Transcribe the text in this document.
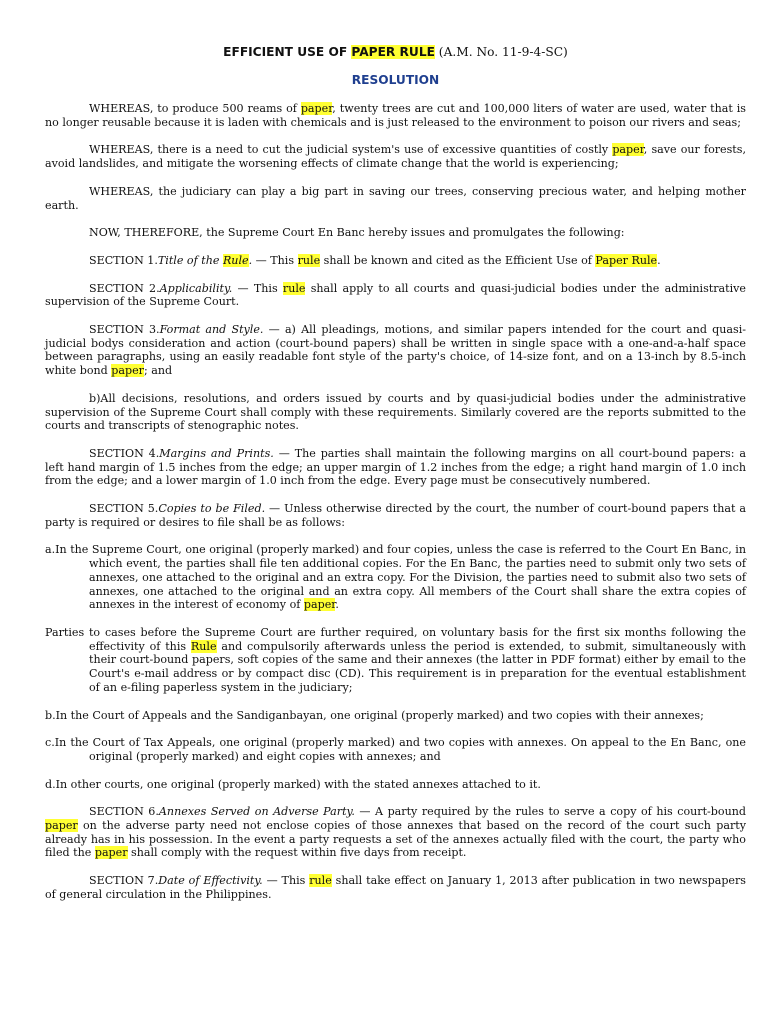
EFFICIENT USE OF PAPER RULE (A.M. No. 11-9-4-SC)
RESOLUTION

WHEREAS, to produce 500 reams of paper, twenty trees are cut and 100,000 liters of water are used, water that is no longer reusable because it is laden with chemicals and is just released to the environment to poison our rivers and seas;

WHEREAS, there is a need to cut the judicial system's use of excessive quantities of costly paper, save our forests, avoid landslides, and mitigate the worsening effects of climate change that the world is experiencing;

WHEREAS, the judiciary can play a big part in saving our trees, conserving precious water, and helping mother earth.

NOW, THEREFORE, the Supreme Court En Banc hereby issues and promulgates the following:

SECTION 1.Title of the Rule. — This rule shall be known and cited as the Efficient Use of Paper Rule.

SECTION 2.Applicability. — This rule shall apply to all courts and quasi-judicial bodies under the administrative supervision of the Supreme Court.

SECTION 3.Format and Style. — a) All pleadings, motions, and similar papers intended for the court and quasi-judicial bodys consideration and action (court-bound papers) shall be written in single space with a one-and-a-half space between paragraphs, using an easily readable font style of the party's choice, of 14-size font, and on a 13-inch by 8.5-inch white bond paper; and

b)All decisions, resolutions, and orders issued by courts and by quasi-judicial bodies under the administrative supervision of the Supreme Court shall comply with these requirements. Similarly covered are the reports submitted to the courts and transcripts of stenographic notes.

SECTION 4.Margins and Prints. — The parties shall maintain the following margins on all court-bound papers: a left hand margin of 1.5 inches from the edge; an upper margin of 1.2 inches from the edge; a right hand margin of 1.0 inch from the edge; and a lower margin of 1.0 inch from the edge. Every page must be consecutively numbered.

SECTION 5.Copies to be Filed. — Unless otherwise directed by the court, the number of court-bound papers that a party is required or desires to file shall be as follows:

a.In the Supreme Court, one original (properly marked) and four copies, unless the case is referred to the Court En Banc, in which event, the parties shall file ten additional copies. For the En Banc, the parties need to submit only two sets of annexes, one attached to the original and an extra copy. For the Division, the parties need to submit also two sets of annexes, one attached to the original and an extra copy. All members of the Court shall share the extra copies of annexes in the interest of economy of paper.

Parties to cases before the Supreme Court are further required, on voluntary basis for the first six months following the effectivity of this Rule and compulsorily afterwards unless the period is extended, to submit, simultaneously with their court-bound papers, soft copies of the same and their annexes (the latter in PDF format) either by email to the Court's e-mail address or by compact disc (CD). This requirement is in preparation for the eventual establishment of an e-filing paperless system in the judiciary;

b.In the Court of Appeals and the Sandiganbayan, one original (properly marked) and two copies with their annexes;

c.In the Court of Tax Appeals, one original (properly marked) and two copies with annexes. On appeal to the En Banc, one original (properly marked) and eight copies with annexes; and

d.In other courts, one original (properly marked) with the stated annexes attached to it.

SECTION 6.Annexes Served on Adverse Party. — A party required by the rules to serve a copy of his court-bound paper on the adverse party need not enclose copies of those annexes that based on the record of the court such party already has in his possession. In the event a party requests a set of the annexes actually filed with the court, the party who filed the paper shall comply with the request within five days from receipt.

SECTION 7.Date of Effectivity. — This rule shall take effect on January 1, 2013 after publication in two newspapers of general circulation in the Philippines.
